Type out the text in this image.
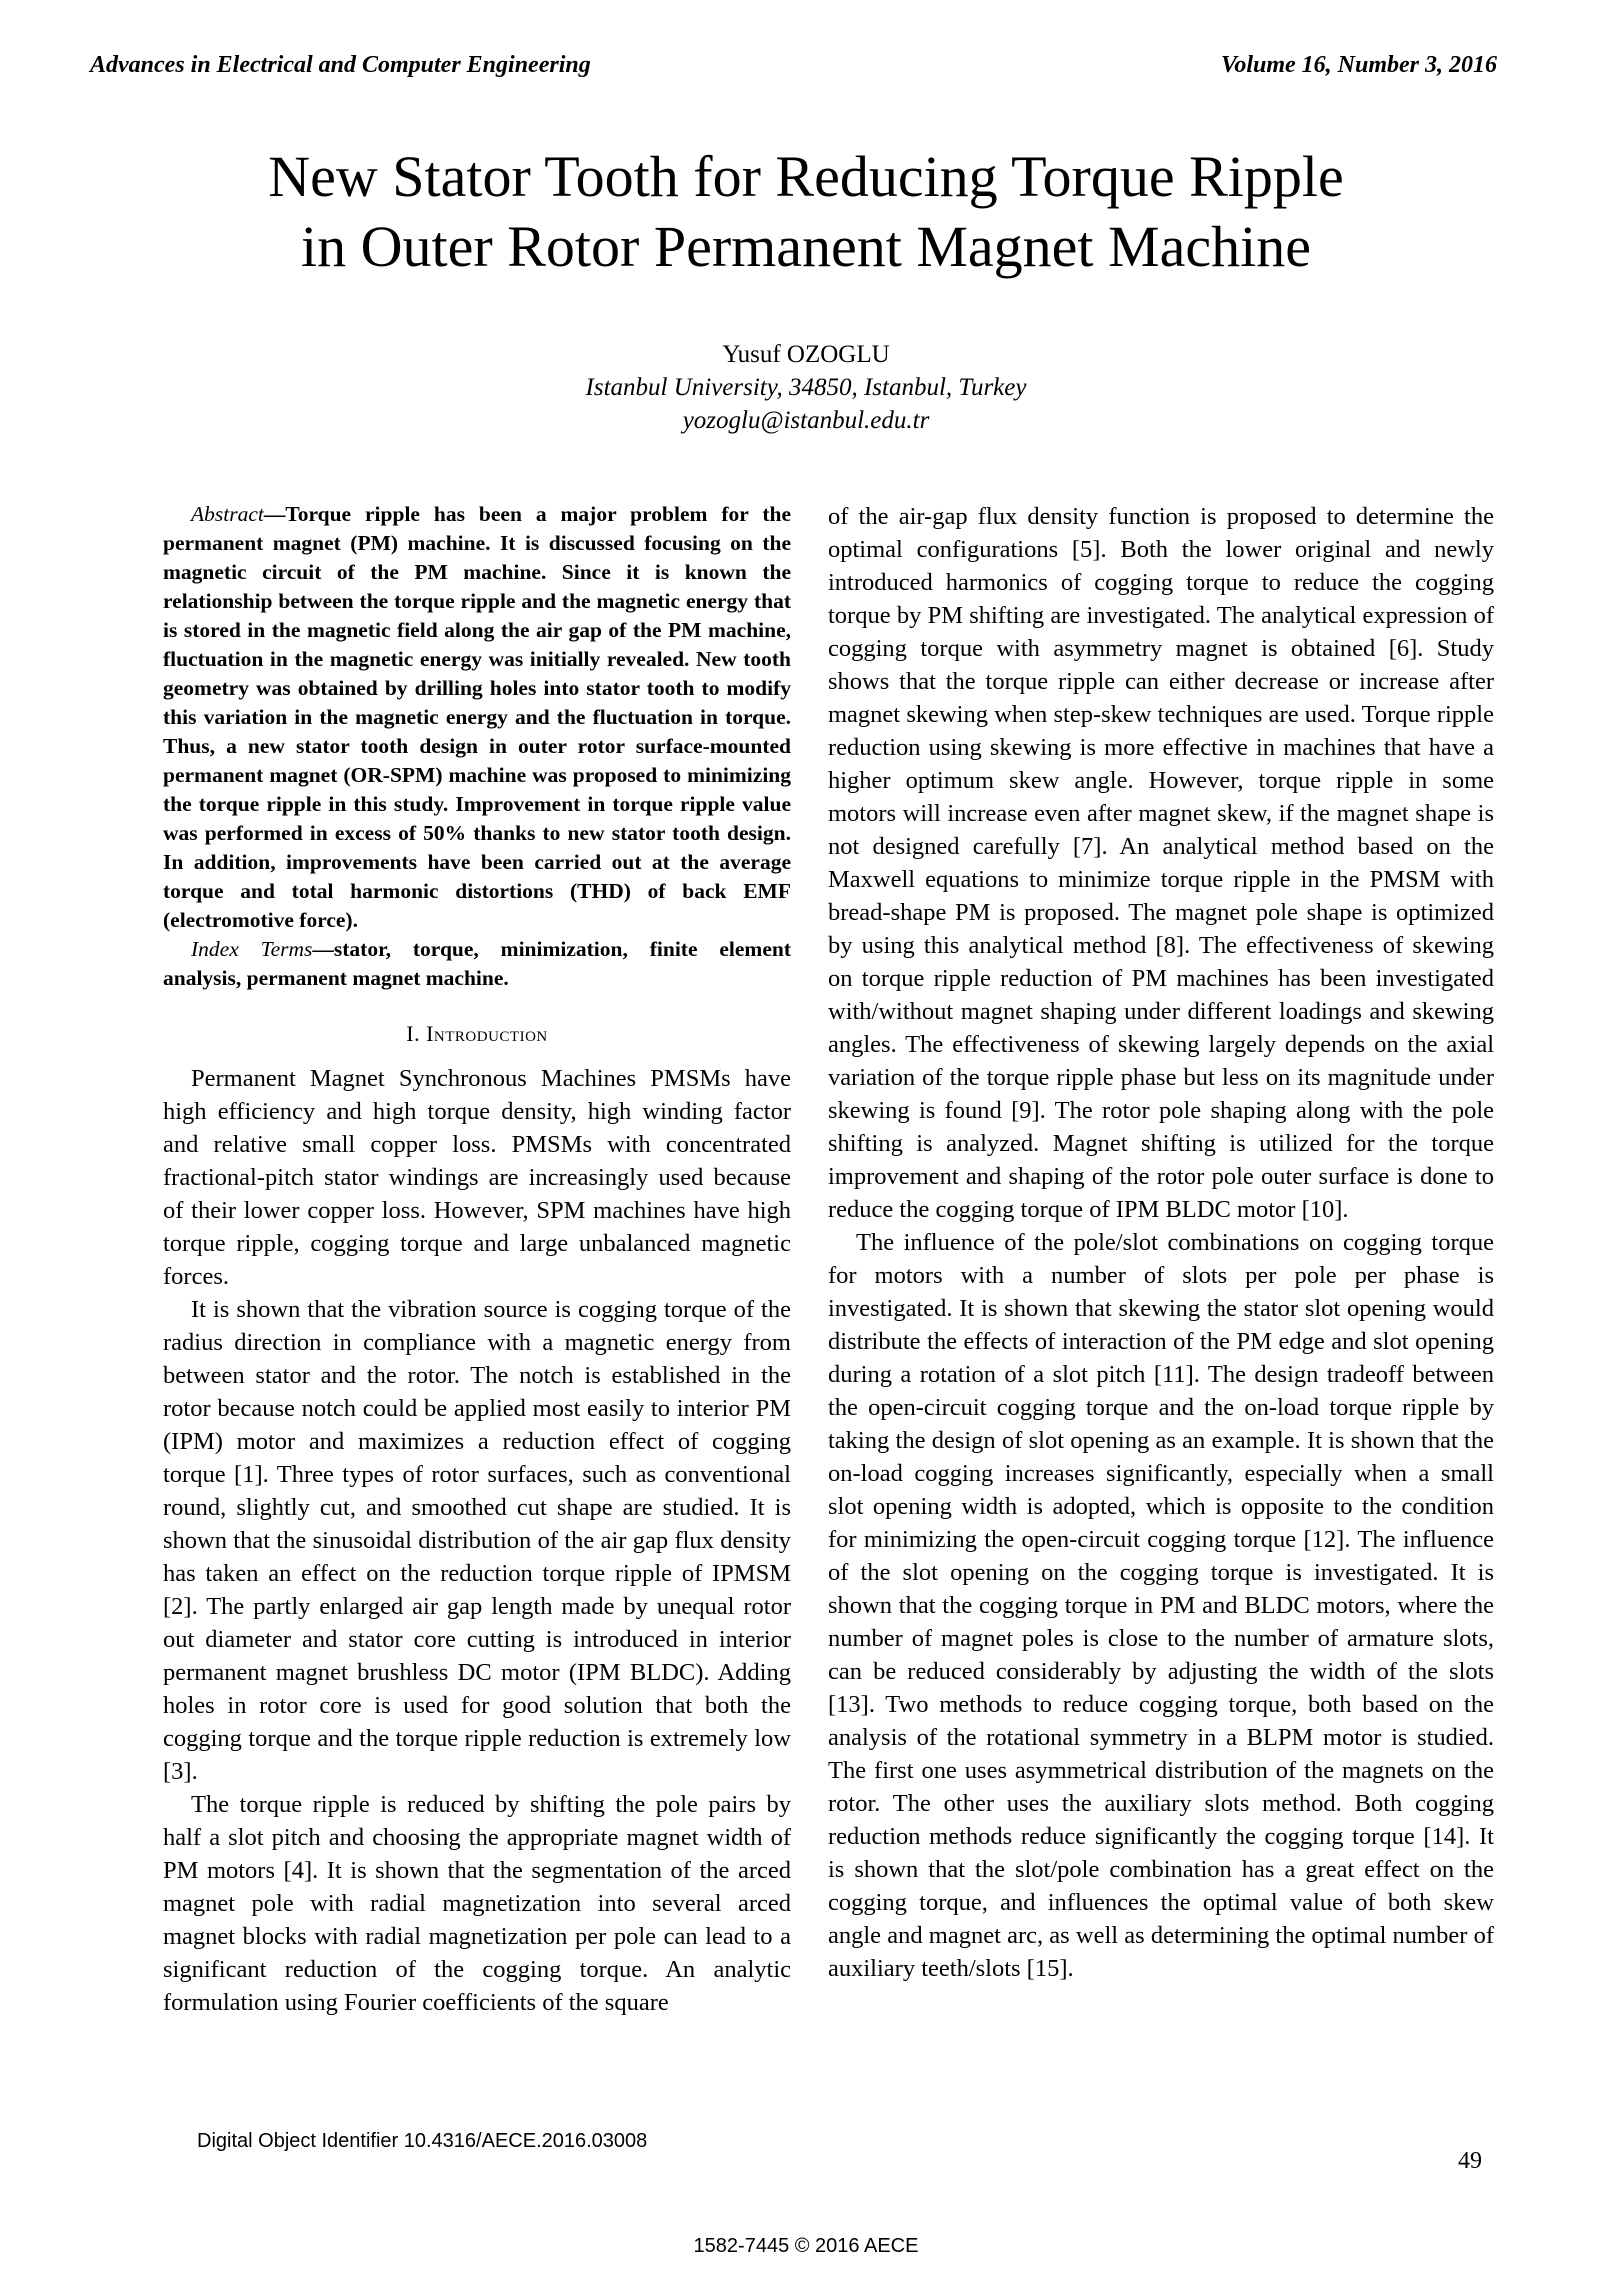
Advances in Electrical and Computer Engineering	Volume 16, Number 3, 2016
New Stator Tooth for Reducing Torque Ripple
in Outer Rotor Permanent Magnet Machine
Yusuf OZOGLU
Istanbul University, 34850, Istanbul, Turkey
yozoglu@istanbul.edu.tr

Abstract—Torque ripple has been a major problem for the permanent magnet (PM) machine. It is discussed focusing on the magnetic circuit of the PM machine. Since it is known the relationship between the torque ripple and the magnetic energy that is stored in the magnetic field along the air gap of the PM machine, fluctuation in the magnetic energy was initially revealed. New tooth geometry was obtained by drilling holes into stator tooth to modify this variation in the magnetic energy and the fluctuation in torque. Thus, a new stator tooth design in outer rotor surface-mounted permanent magnet (OR-SPM) machine was proposed to minimizing the torque ripple in this study. Improvement in torque ripple value was performed in excess of 50% thanks to new stator tooth design. In addition, improvements have been carried out at the average torque and total harmonic distortions (THD) of back EMF (electromotive force).

Index Terms—stator, torque, minimization, finite element analysis, permanent magnet machine.

I. Introduction

Permanent Magnet Synchronous Machines PMSMs have high efficiency and high torque density, high winding factor and relative small copper loss. PMSMs with concentrated fractional-pitch stator windings are increasingly used because of their lower copper loss. However, SPM machines have high torque ripple, cogging torque and large unbalanced magnetic forces.

It is shown that the vibration source is cogging torque of the radius direction in compliance with a magnetic energy from between stator and the rotor. The notch is established in the rotor because notch could be applied most easily to interior PM (IPM) motor and maximizes a reduction effect of cogging torque [1]. Three types of rotor surfaces, such as conventional round, slightly cut, and smoothed cut shape are studied. It is shown that the sinusoidal distribution of the air gap flux density has taken an effect on the reduction torque ripple of IPMSM [2]. The partly enlarged air gap length made by unequal rotor out diameter and stator core cutting is introduced in interior permanent magnet brushless DC motor (IPM BLDC). Adding holes in rotor core is used for good solution that both the cogging torque and the torque ripple reduction is extremely low [3].

The torque ripple is reduced by shifting the pole pairs by half a slot pitch and choosing the appropriate magnet width of PM motors [4]. It is shown that the segmentation of the arced magnet pole with radial magnetization into several arced magnet blocks with radial magnetization per pole can lead to a significant reduction of the cogging torque. An analytic formulation using Fourier coefficients of the square

of the air-gap flux density function is proposed to determine the optimal configurations [5]. Both the lower original and newly introduced harmonics of cogging torque to reduce the cogging torque by PM shifting are investigated. The analytical expression of cogging torque with asymmetry magnet is obtained [6]. Study shows that the torque ripple can either decrease or increase after magnet skewing when step-skew techniques are used. Torque ripple reduction using skewing is more effective in machines that have a higher optimum skew angle. However, torque ripple in some motors will increase even after magnet skew, if the magnet shape is not designed carefully [7]. An analytical method based on the Maxwell equations to minimize torque ripple in the PMSM with bread-shape PM is proposed. The magnet pole shape is optimized by using this analytical method [8]. The effectiveness of skewing on torque ripple reduction of PM machines has been investigated with/without magnet shaping under different loadings and skewing angles. The effectiveness of skewing largely depends on the axial variation of the torque ripple phase but less on its magnitude under skewing is found [9]. The rotor pole shaping along with the pole shifting is analyzed. Magnet shifting is utilized for the torque improvement and shaping of the rotor pole outer surface is done to reduce the cogging torque of IPM BLDC motor [10].

The influence of the pole/slot combinations on cogging torque for motors with a number of slots per pole per phase is investigated. It is shown that skewing the stator slot opening would distribute the effects of interaction of the PM edge and slot opening during a rotation of a slot pitch [11]. The design tradeoff between the open-circuit cogging torque and the on-load torque ripple by taking the design of slot opening as an example. It is shown that the on-load cogging increases significantly, especially when a small slot opening width is adopted, which is opposite to the condition for minimizing the open-circuit cogging torque [12]. The influence of the slot opening on the cogging torque is investigated. It is shown that the cogging torque in PM and BLDC motors, where the number of magnet poles is close to the number of armature slots, can be reduced considerably by adjusting the width of the slots [13]. Two methods to reduce cogging torque, both based on the analysis of the rotational symmetry in a BLPM motor is studied. The first one uses asymmetrical distribution of the magnets on the rotor. The other uses the auxiliary slots method. Both cogging reduction methods reduce significantly the cogging torque [14]. It is shown that the slot/pole combination has a great effect on the cogging torque, and influences the optimal value of both skew angle and magnet arc, as well as determining the optimal number of auxiliary teeth/slots [15].

Digital Object Identifier 10.4316/AECE.2016.03008
49
1582-7445 © 2016 AECE
